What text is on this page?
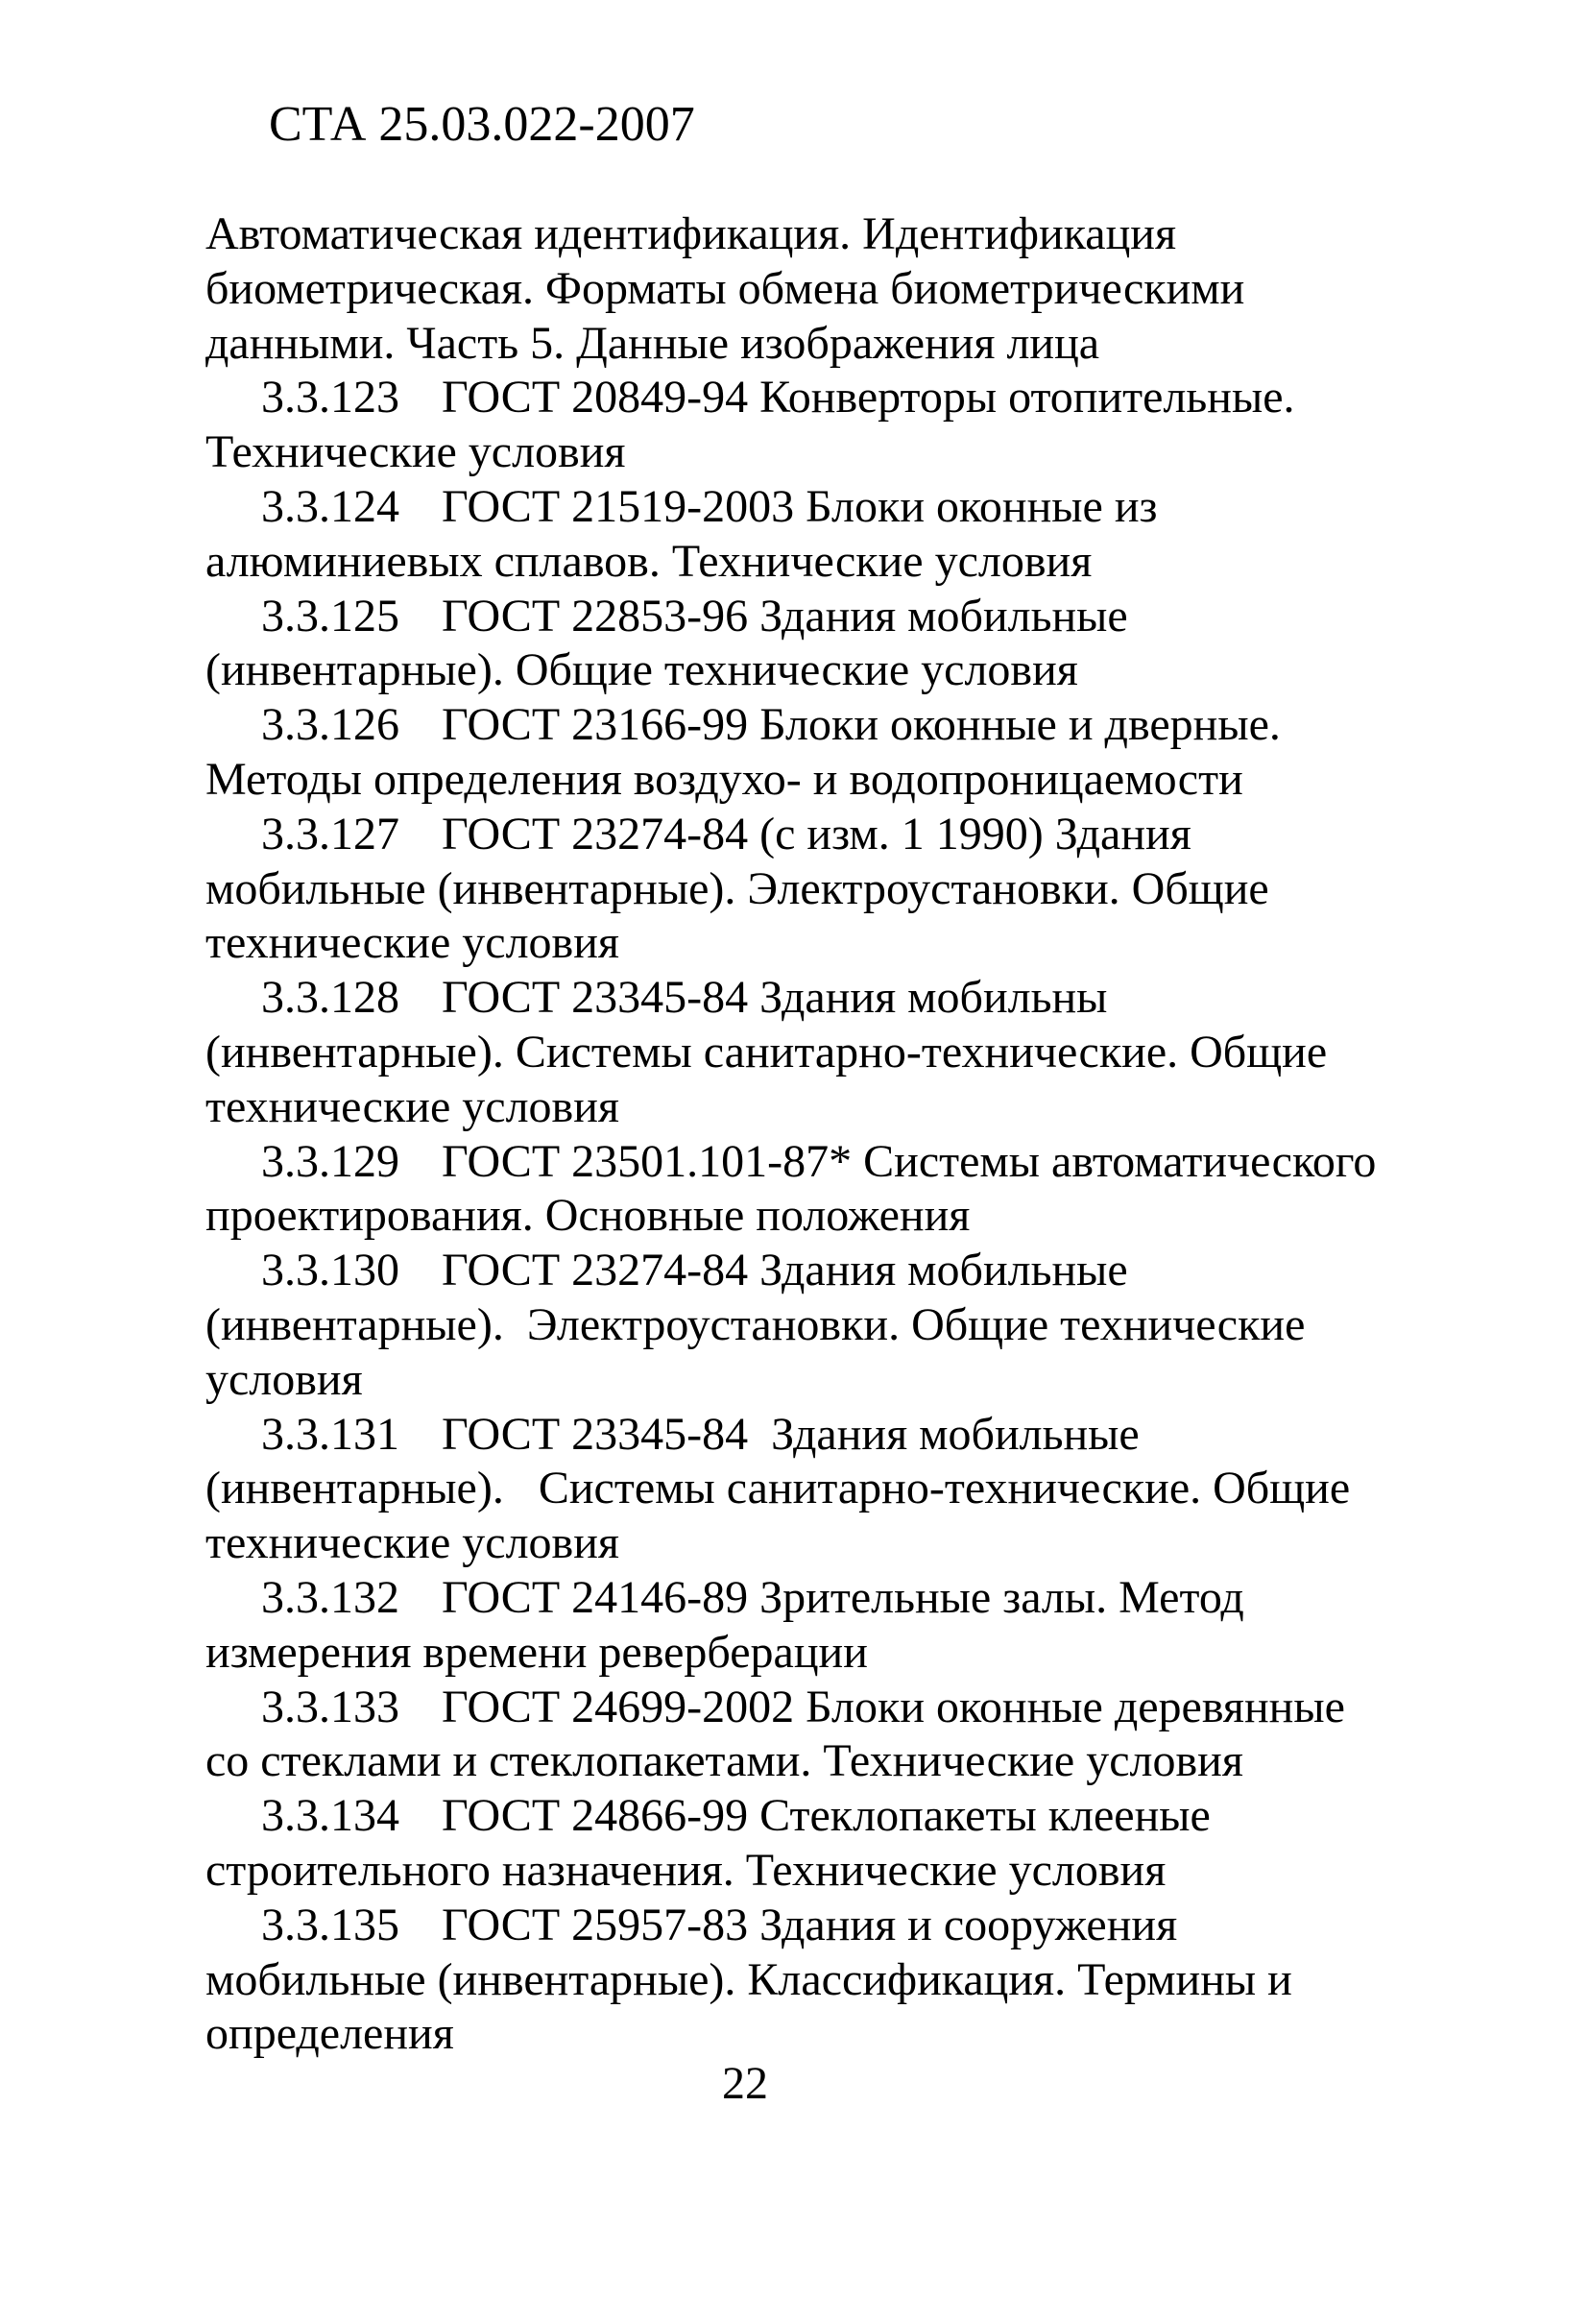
СТА 25.03.022-2007
Автоматическая идентификация. Идентификация
биометрическая. Форматы обмена биометрическими
данными. Часть 5. Данные изображения лица
3.3.123 ГОСТ 20849-94 Конверторы отопительные.
Технические условия
3.3.124 ГОСТ 21519-2003 Блоки оконные из
алюминиевых сплавов. Технические условия
3.3.125 ГОСТ 22853-96 Здания мобильные
(инвентарные). Общие технические условия
3.3.126 ГОСТ 23166-99 Блоки оконные и дверные.
Методы определения воздухо- и водопроницаемости
3.3.127 ГОСТ 23274-84 (с изм. 1 1990) Здания
мобильные (инвентарные). Электроустановки. Общие
технические условия
3.3.128 ГОСТ 23345-84 Здания мобильны
(инвентарные). Системы санитарно-технические. Общие
технические условия
3.3.129 ГОСТ 23501.101-87* Системы автоматического
проектирования. Основные положения
3.3.130 ГОСТ 23274-84 Здания мобильные
(инвентарные).  Электроустановки. Общие технические
условия
3.3.131 ГОСТ 23345-84  Здания мобильные
(инвентарные).   Системы санитарно-технические. Общие
технические условия
3.3.132 ГОСТ 24146-89 Зрительные залы. Метод
измерения времени реверберации
3.3.133 ГОСТ 24699-2002 Блоки оконные деревянные
со стеклами и стеклопакетами. Технические условия
3.3.134 ГОСТ 24866-99 Стеклопакеты клееные
строительного назначения. Технические условия
3.3.135 ГОСТ 25957-83 Здания и сооружения
мобильные (инвентарные). Классификация. Термины и
определения
22
